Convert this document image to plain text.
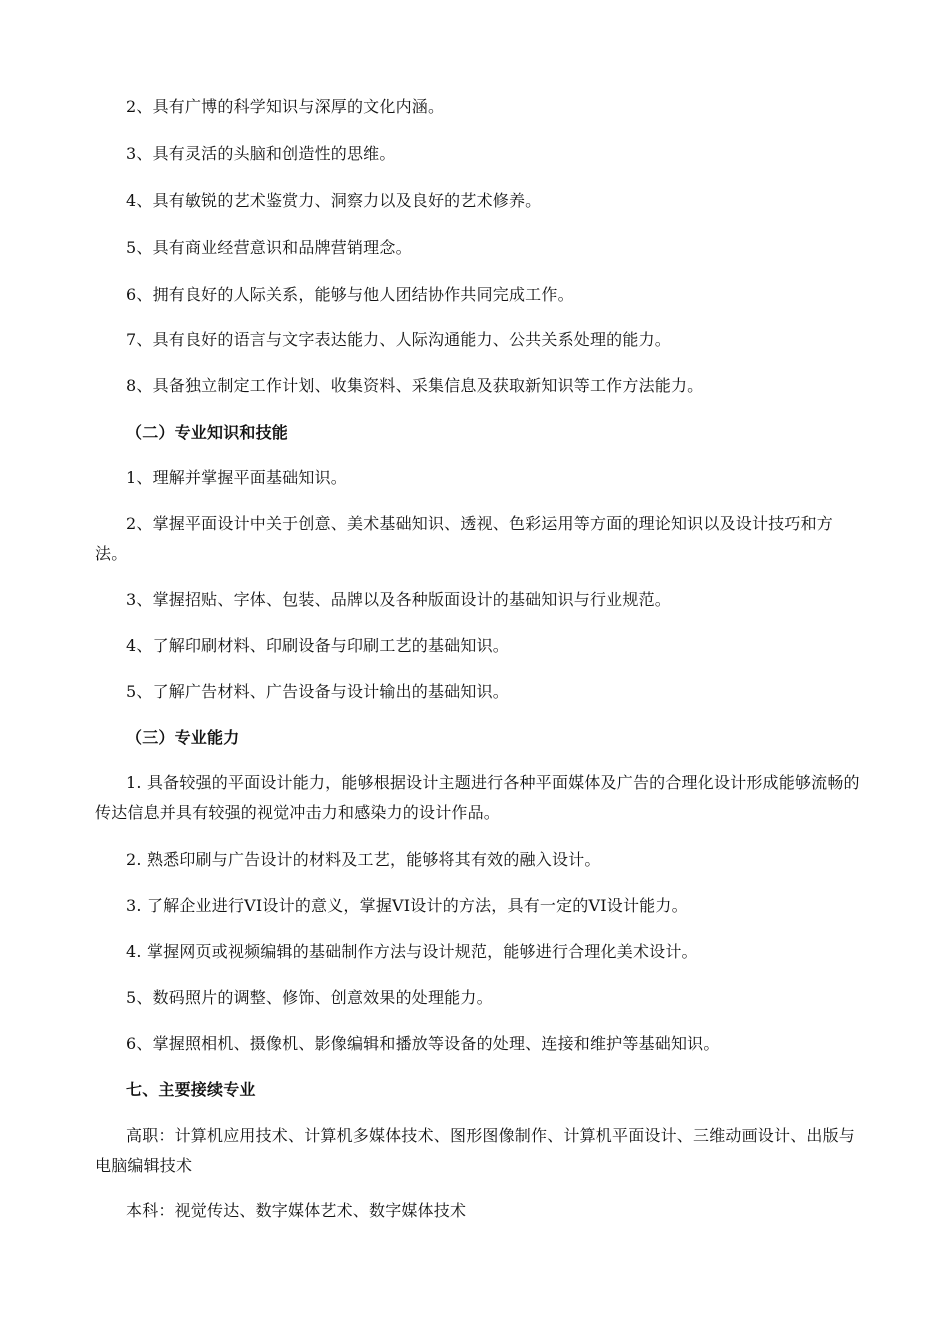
2、具有广博的科学知识与深厚的文化内涵。

3、具有灵活的头脑和创造性的思维。

4、具有敏锐的艺术鉴赏力、洞察力以及良好的艺术修养。

5、具有商业经营意识和品牌营销理念。

6、拥有良好的人际关系，能够与他人团结协作共同完成工作。

7、具有良好的语言与文字表达能力、人际沟通能力、公共关系处理的能力。

8、具备独立制定工作计划、收集资料、采集信息及获取新知识等工作方法能力。

（二）专业知识和技能

1、理解并掌握平面基础知识。

2、掌握平面设计中关于创意、美术基础知识、透视、色彩运用等方面的理论知识以及设计技巧和方法。

3、掌握招贴、字体、包装、品牌以及各种版面设计的基础知识与行业规范。

4、了解印刷材料、印刷设备与印刷工艺的基础知识。

5、了解广告材料、广告设备与设计输出的基础知识。

（三）专业能力

1. 具备较强的平面设计能力，能够根据设计主题进行各种平面媒体及广告的合理化设计形成能够流畅的传达信息并具有较强的视觉冲击力和感染力的设计作品。

2. 熟悉印刷与广告设计的材料及工艺，能够将其有效的融入设计。

3. 了解企业进行VI设计的意义，掌握VI设计的方法，具有一定的VI设计能力。

4. 掌握网页或视频编辑的基础制作方法与设计规范，能够进行合理化美术设计。

5、数码照片的调整、修饰、创意效果的处理能力。

6、掌握照相机、摄像机、影像编辑和播放等设备的处理、连接和维护等基础知识。

七、主要接续专业

高职：计算机应用技术、计算机多媒体技术、图形图像制作、计算机平面设计、三维动画设计、出版与电脑编辑技术

本科：视觉传达、数字媒体艺术、数字媒体技术
